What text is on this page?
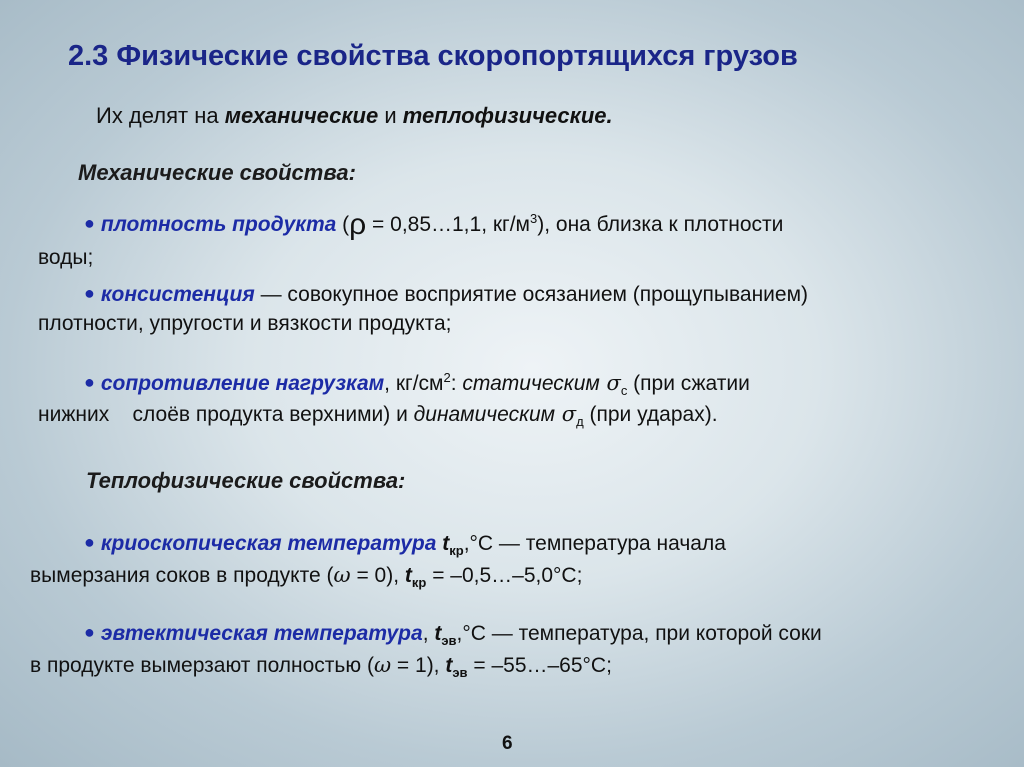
2.3 Физические свойства скоропортящихся грузов
Их делят на механические и теплофизические.
Механические свойства:
● плотность продукта (ρ = 0,85…1,1, $кг/м^3$), она близка к плотности
воды;
● консистенция — совокупное восприятие осязанием (прощупыванием)
плотности, упругости и вязкости продукта;
● сопротивление нагрузкам, $кг/см^2$: статическим $\sigma_с$ (при сжатии
нижних    слоёв продукта верхними) и динамическим $\sigma_д$ (при ударах).
Теплофизические свойства:
● криоскопическая температура $t_{кр},^\circ С$ — температура начала
вымерзания соков в продукте (ω = 0), $t_{кр}$ = –0,5…–5,0°С;
● эвтектическая температура, $t_{эв},^\circ С$ — температура, при которой соки
в продукте вымерзают полностью (ω = 1), $t_{эв}$ = –55…–65°С;
6
